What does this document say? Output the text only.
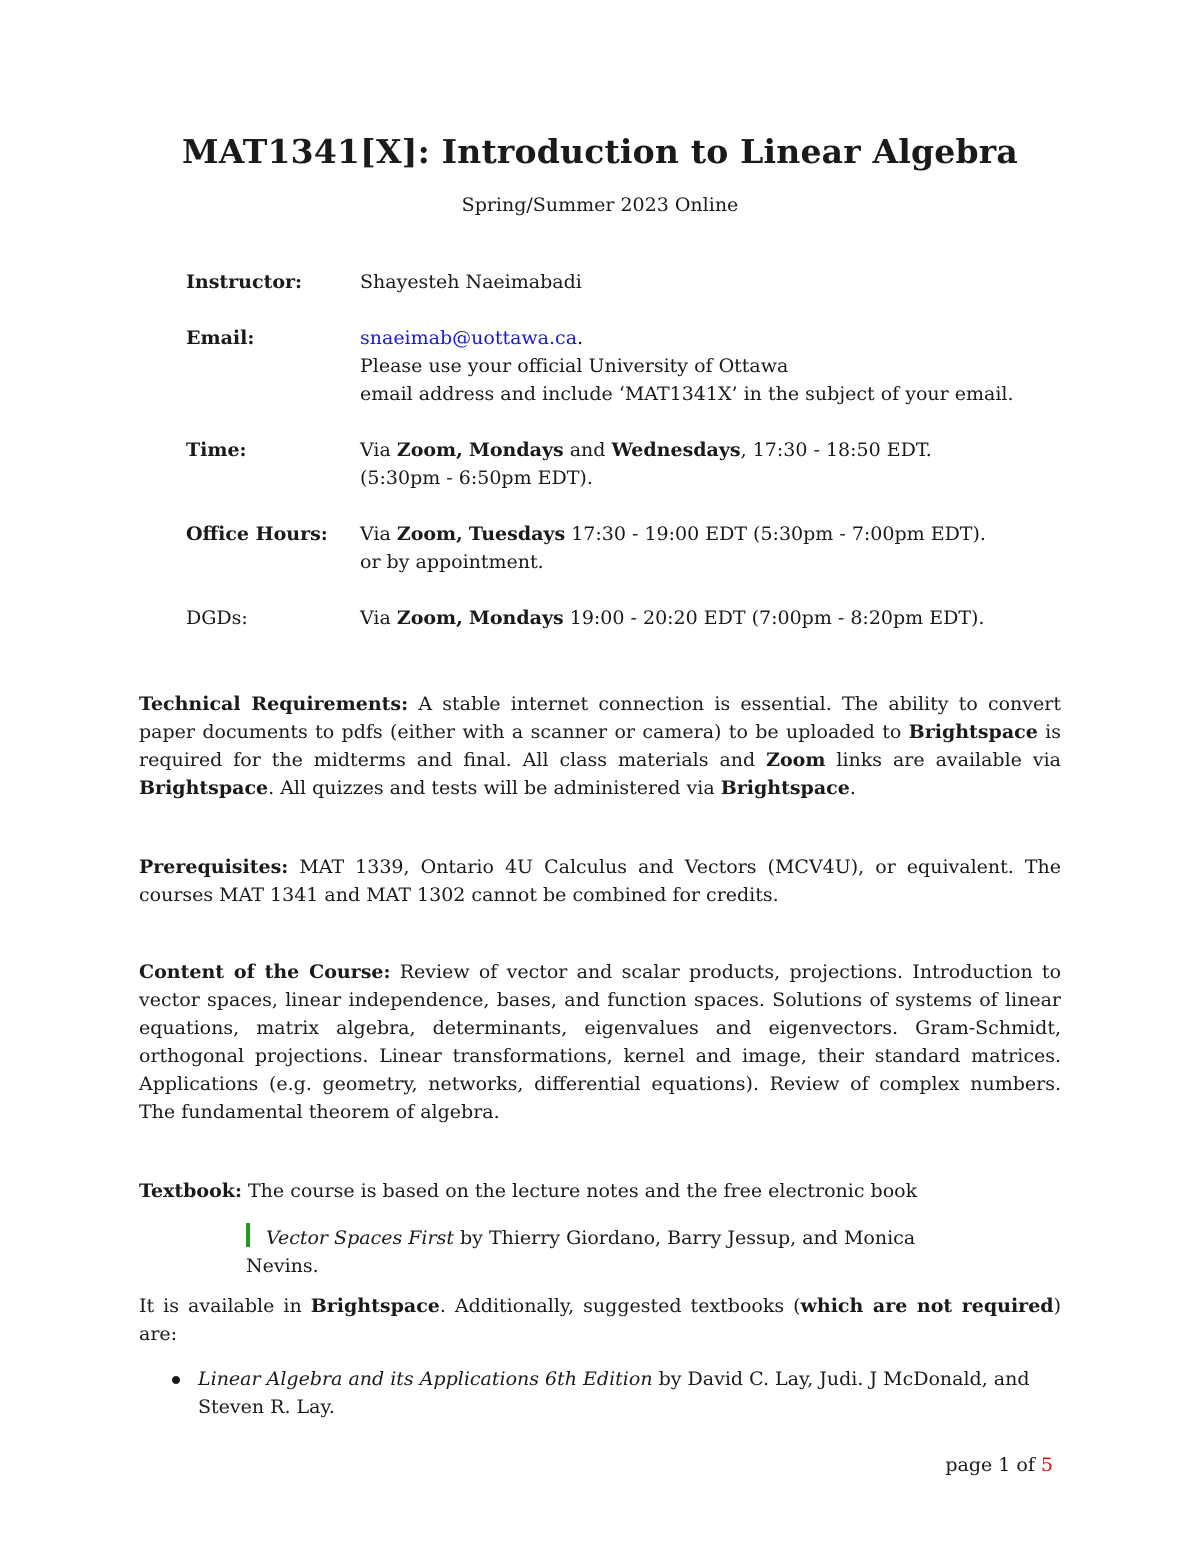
MAT1341[X]: Introduction to Linear Algebra
Spring/Summer 2023 Online
Instructor:	Shayesteh Naeimabadi
Email:	snaeimab@uottawa.ca.
Please use your official University of Ottawa
email address and include ‘MAT1341X’ in the subject of your email.
Time:	Via Zoom, Mondays and Wednesdays, 17:30 - 18:50 EDT.
(5:30pm - 6:50pm EDT).
Office Hours:	Via Zoom, Tuesdays 17:30 - 19:00 EDT (5:30pm - 7:00pm EDT).
or by appointment.
DGDs:	Via Zoom, Mondays 19:00 - 20:20 EDT (7:00pm - 8:20pm EDT).
Technical Requirements: A stable internet connection is essential. The ability to convert paper documents to pdfs (either with a scanner or camera) to be uploaded to Brightspace is required for the midterms and final. All class materials and Zoom links are available via Brightspace. All quizzes and tests will be administered via Brightspace.
Prerequisites: MAT 1339, Ontario 4U Calculus and Vectors (MCV4U), or equivalent. The courses MAT 1341 and MAT 1302 cannot be combined for credits.
Content of the Course: Review of vector and scalar products, projections. Introduction to vector spaces, linear independence, bases, and function spaces. Solutions of systems of linear equations, matrix algebra, determinants, eigenvalues and eigenvectors. Gram-Schmidt, orthogonal projections. Linear transformations, kernel and image, their standard matrices. Applications (e.g. geometry, networks, differential equations). Review of complex numbers. The fundamental theorem of algebra.
Textbook: The course is based on the lecture notes and the free electronic book
Vector Spaces First by Thierry Giordano, Barry Jessup, and Monica Nevins.
It is available in Brightspace. Additionally, suggested textbooks (which are not required) are:
Linear Algebra and its Applications 6th Edition by David C. Lay, Judi. J McDonald, and Steven R. Lay.
page 1 of 5
